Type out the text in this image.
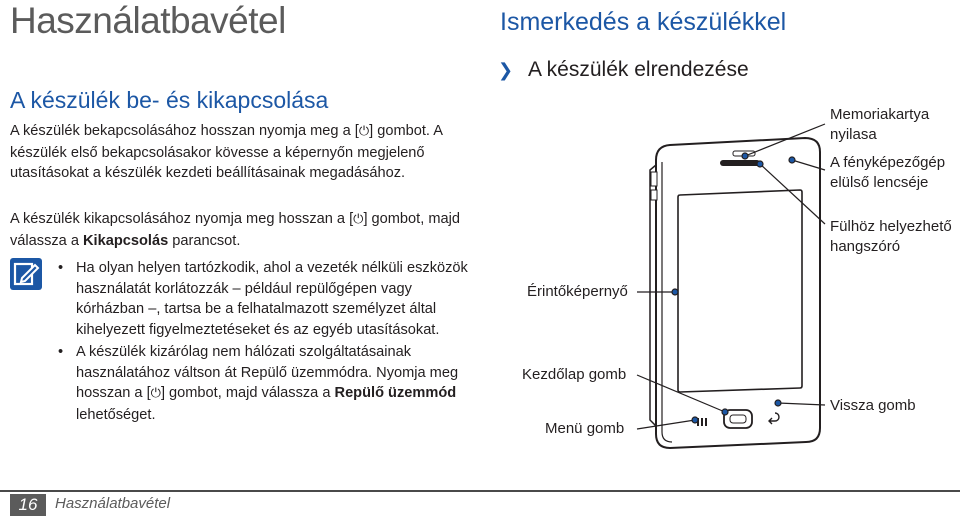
Használatbavétel
A készülék be- és kikapcsolása
A készülék bekapcsolásához hosszan nyomja meg a [⏻] gombot. A készülék első bekapcsolásakor kövesse a képernyőn megjelenő utasításokat a készülék kezdeti beállításainak megadásához.
A készülék kikapcsolásához nyomja meg hosszan a [⏻] gombot, majd válassza a Kikapcsolás parancsot.
• Ha olyan helyen tartózkodik, ahol a vezeték nélküli eszközök használatát korlátozzák – például repülőgépen vagy kórházban –, tartsa be a felhatalmazott személyzet által kihelyezett figyelmeztetéseket és az egyéb utasításokat.
• A készülék kizárólag nem hálózati szolgáltatásainak használatához váltson át Repülő üzemmódra. Nyomja meg hosszan a [⏻] gombot, majd válassza a Repülő üzemmód lehetőséget.
Ismerkedés a készülékkel
❯ A készülék elrendezése
Memoriakartya
nyilasa
A fényképezőgép
elülső lencséje
Fülhöz helyezhető
hangszóró
Érintőképernyő
Kezdőlap gomb
Menü gomb
Vissza gomb
16	Használatbavétel
